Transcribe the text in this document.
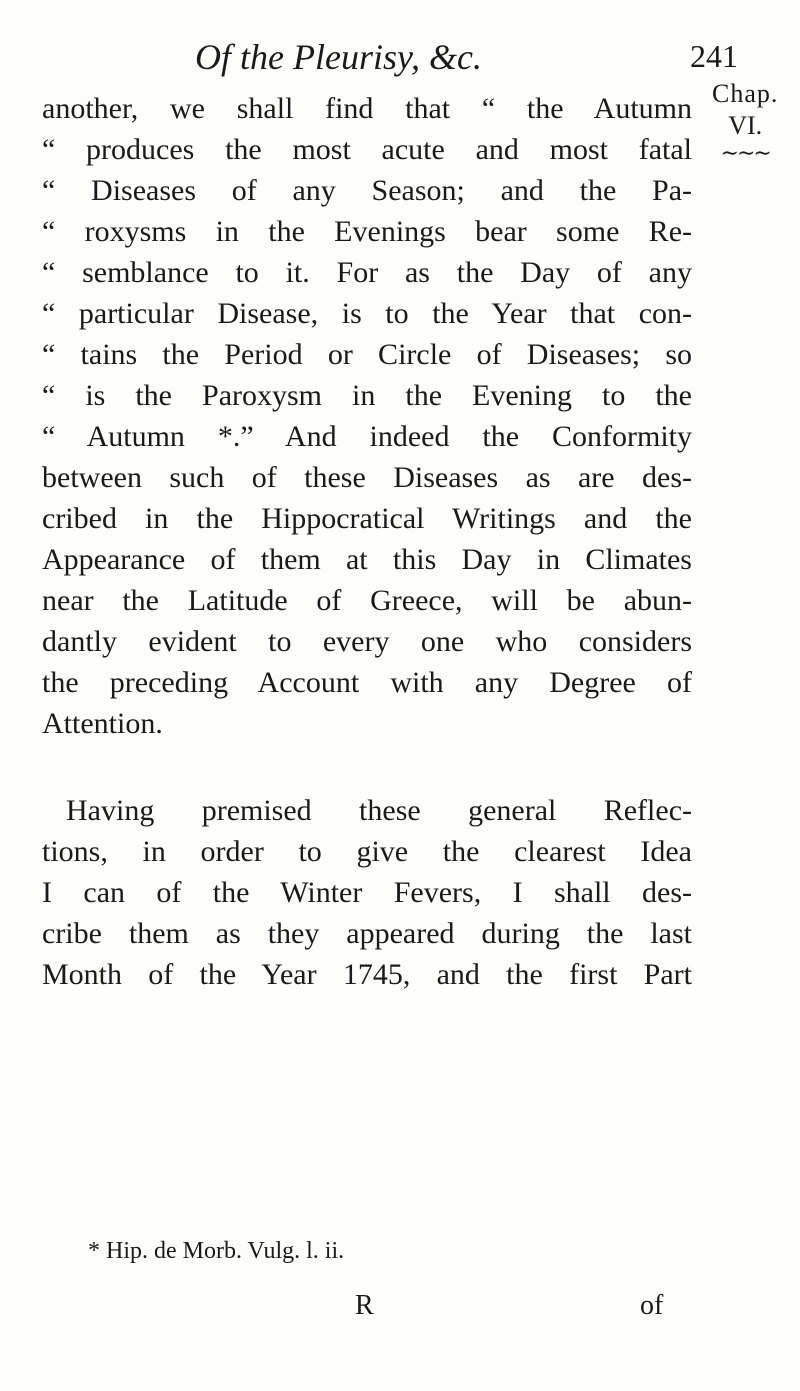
Of the Pleurisy, &c.	241
Chap.
VI.
∼∼∼
another, we shall find that “ the Autumn
“ produces the most acute and most fatal
“ Diseases of any Season; and the Pa-
“ roxysms in the Evenings bear some Re-
“ semblance to it. For as the Day of any
“ particular Disease, is to the Year that con-
“ tains the Period or Circle of Diseases; so
“ is the Paroxysm in the Evening to the
“ Autumn *.” And indeed the Conformity
between such of these Diseases as are des-
cribed in the Hippocratical Writings and the
Appearance of them at this Day in Climates
near the Latitude of Greece, will be abun-
dantly evident to every one who considers
the preceding Account with any Degree of
Attention.
Having premised these general Reflec-
tions, in order to give the clearest Idea
I can of the Winter Fevers, I shall des-
cribe them as they appeared during the last
Month of the Year 1745, and the first Part
* Hip. de Morb. Vulg. l. ii.
R	of
